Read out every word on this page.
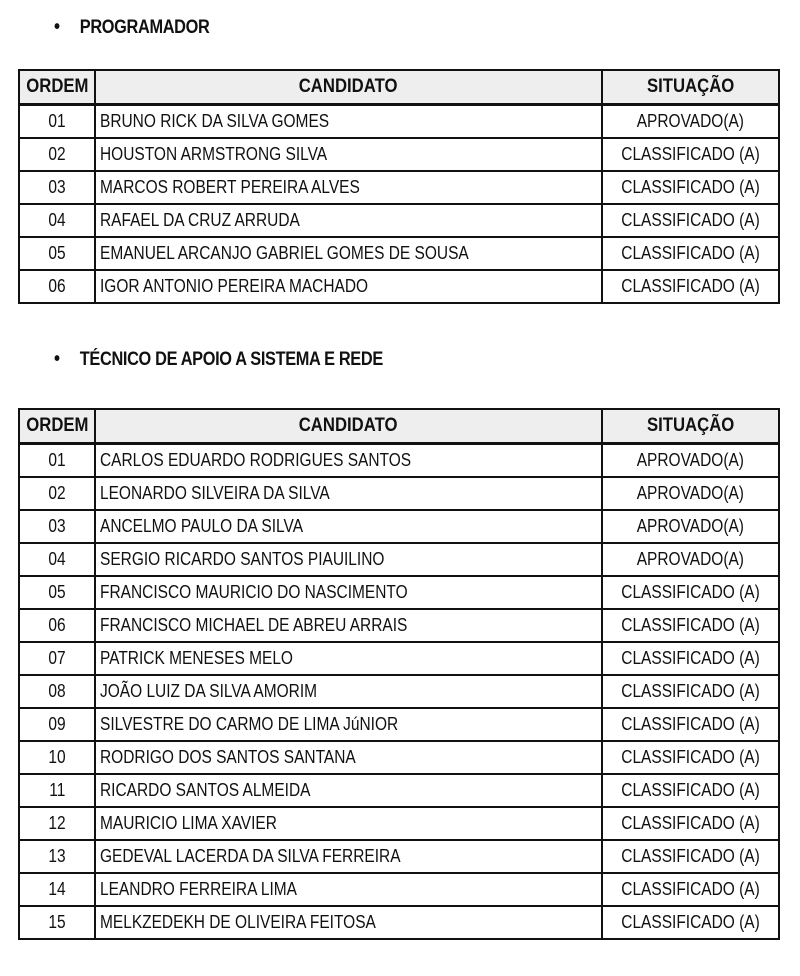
• PROGRAMADOR
ORDEM	CANDIDATO	SITUAÇÃO
01	BRUNO RICK DA SILVA GOMES	APROVADO(A)
02	HOUSTON ARMSTRONG SILVA	CLASSIFICADO (A)
03	MARCOS ROBERT PEREIRA ALVES	CLASSIFICADO (A)
04	RAFAEL DA CRUZ ARRUDA	CLASSIFICADO (A)
05	EMANUEL ARCANJO GABRIEL GOMES DE SOUSA	CLASSIFICADO (A)
06	IGOR ANTONIO PEREIRA MACHADO	CLASSIFICADO (A)
• TÉCNICO DE APOIO A SISTEMA E REDE
ORDEM	CANDIDATO	SITUAÇÃO
01	CARLOS EDUARDO RODRIGUES SANTOS	APROVADO(A)
02	LEONARDO SILVEIRA DA SILVA	APROVADO(A)
03	ANCELMO PAULO DA SILVA	APROVADO(A)
04	SERGIO RICARDO SANTOS PIAUILINO	APROVADO(A)
05	FRANCISCO MAURICIO DO NASCIMENTO	CLASSIFICADO (A)
06	FRANCISCO MICHAEL DE ABREU ARRAIS	CLASSIFICADO (A)
07	PATRICK MENESES MELO	CLASSIFICADO (A)
08	JOÃO LUIZ DA SILVA AMORIM	CLASSIFICADO (A)
09	SILVESTRE DO CARMO DE LIMA JúNIOR	CLASSIFICADO (A)
10	RODRIGO DOS SANTOS SANTANA	CLASSIFICADO (A)
11	RICARDO SANTOS ALMEIDA	CLASSIFICADO (A)
12	MAURICIO LIMA XAVIER	CLASSIFICADO (A)
13	GEDEVAL LACERDA DA SILVA FERREIRA	CLASSIFICADO (A)
14	LEANDRO FERREIRA LIMA	CLASSIFICADO (A)
15	MELKZEDEKH DE OLIVEIRA FEITOSA	CLASSIFICADO (A)
